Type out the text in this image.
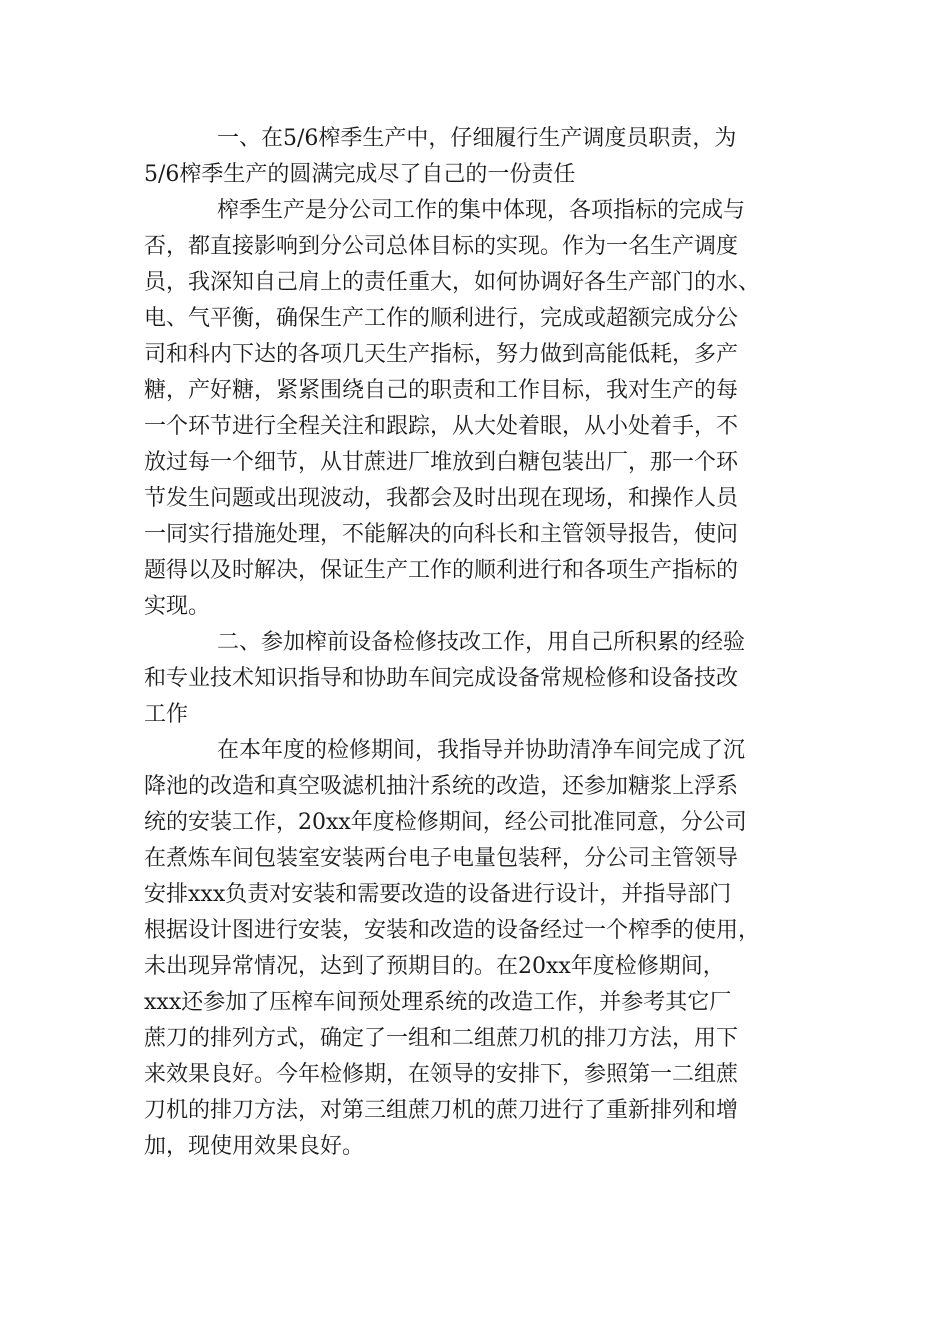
一、在5/6榨季生产中，仔细履行生产调度员职责，为
5/6榨季生产的圆满完成尽了自己的一份责任
榨季生产是分公司工作的集中体现，各项指标的完成与
否，都直接影响到分公司总体目标的实现。作为一名生产调度
员，我深知自己肩上的责任重大，如何协调好各生产部门的水、
电、气平衡，确保生产工作的顺利进行，完成或超额完成分公
司和科内下达的各项几天生产指标，努力做到高能低耗，多产
糖，产好糖，紧紧围绕自己的职责和工作目标，我对生产的每
一个环节进行全程关注和跟踪，从大处着眼，从小处着手，不
放过每一个细节，从甘蔗进厂堆放到白糖包装出厂，那一个环
节发生问题或出现波动，我都会及时出现在现场，和操作人员
一同实行措施处理，不能解决的向科长和主管领导报告，使问
题得以及时解决，保证生产工作的顺利进行和各项生产指标的
实现。
二、参加榨前设备检修技改工作，用自己所积累的经验
和专业技术知识指导和协助车间完成设备常规检修和设备技改
工作
在本年度的检修期间，我指导并协助清净车间完成了沉
降池的改造和真空吸滤机抽汁系统的改造，还参加糖浆上浮系
统的安装工作，20xx年度检修期间，经公司批准同意，分公司
在煮炼车间包装室安装两台电子电量包装秤，分公司主管领导
安排xxx负责对安装和需要改造的设备进行设计，并指导部门
根据设计图进行安装，安装和改造的设备经过一个榨季的使用，
未出现异常情况，达到了预期目的。在20xx年度检修期间，
xxx还参加了压榨车间预处理系统的改造工作，并参考其它厂
蔗刀的排列方式，确定了一组和二组蔗刀机的排刀方法，用下
来效果良好。今年检修期，在领导的安排下，参照第一二组蔗
刀机的排刀方法，对第三组蔗刀机的蔗刀进行了重新排列和增
加，现使用效果良好。
